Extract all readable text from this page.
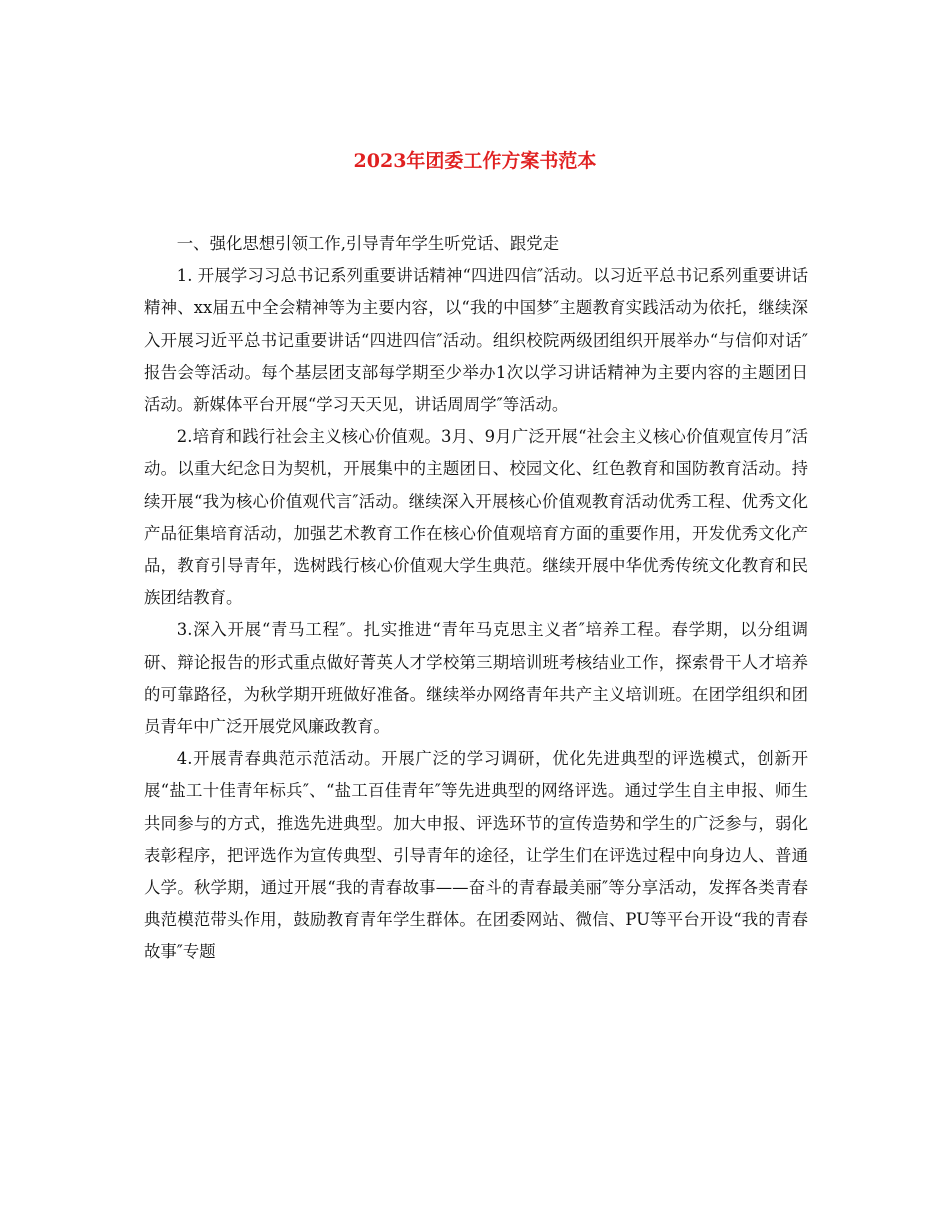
2023年团委工作方案书范本

一、强化思想引领工作,引导青年学生听党话、跟党走

1. 开展学习习总书记系列重要讲话精神“四进四信″活动。以习近平总书记系列重要讲话精神、xx届五中全会精神等为主要内容，以“我的中国梦″主题教育实践活动为依托，继续深入开展习近平总书记重要讲话“四进四信″活动。组织校院两级团组织开展举办“与信仰对话″报告会等活动。每个基层团支部每学期至少举办1次以学习讲话精神为主要内容的主题团日活动。新媒体平台开展“学习天天见，讲话周周学″等活动。

2.培育和践行社会主义核心价值观。3月、9月广泛开展“社会主义核心价值观宣传月″活动。以重大纪念日为契机，开展集中的主题团日、校园文化、红色教育和国防教育活动。持续开展“我为核心价值观代言″活动。继续深入开展核心价值观教育活动优秀工程、优秀文化产品征集培育活动，加强艺术教育工作在核心价值观培育方面的重要作用，开发优秀文化产品，教育引导青年，选树践行核心价值观大学生典范。继续开展中华优秀传统文化教育和民族团结教育。

3.深入开展“青马工程″。扎实推进“青年马克思主义者″培养工程。春学期，以分组调研、辩论报告的形式重点做好菁英人才学校第三期培训班考核结业工作，探索骨干人才培养的可靠路径，为秋学期开班做好准备。继续举办网络青年共产主义培训班。在团学组织和团员青年中广泛开展党风廉政教育。

4.开展青春典范示范活动。开展广泛的学习调研，优化先进典型的评选模式，创新开展“盐工十佳青年标兵″、“盐工百佳青年″等先进典型的网络评选。通过学生自主申报、师生共同参与的方式，推选先进典型。加大申报、评选环节的宣传造势和学生的广泛参与，弱化表彰程序，把评选作为宣传典型、引导青年的途径，让学生们在评选过程中向身边人、普通人学。秋学期，通过开展“我的青春故事——奋斗的青春最美丽″等分享活动，发挥各类青春典范模范带头作用，鼓励教育青年学生群体。在团委网站、微信、PU等平台开设“我的青春故事″专题
